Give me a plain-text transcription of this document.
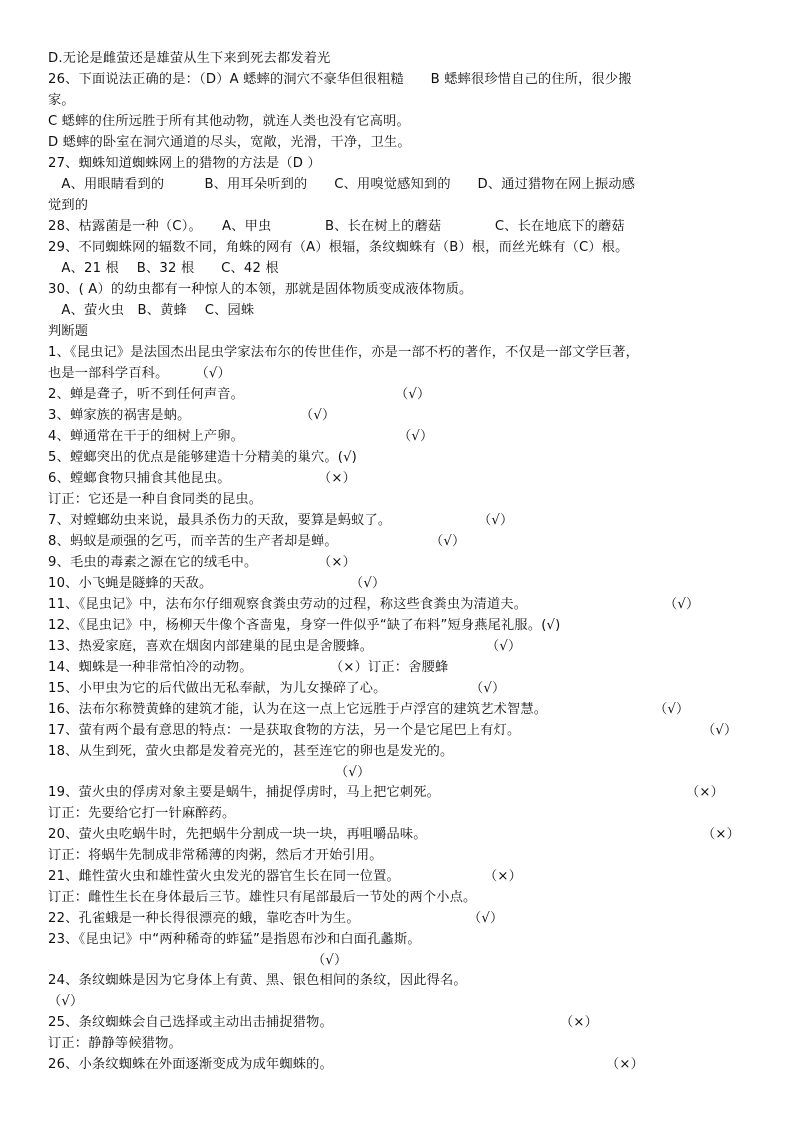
D.无论是雌萤还是雄萤从生下来到死去都发着光
26、下面说法正确的是：（D）A 蟋蟀的洞穴不豪华但很粗糙　　B 蟋蟀很珍惜自己的住所，很少搬
家。
C 蟋蟀的住所远胜于所有其他动物，就连人类也没有它高明。
D 蟋蟀的卧室在洞穴通道的尽头，宽敞，光滑，干净，卫生。
27、蜘蛛知道蜘蛛网上的猎物的方法是（D ）
　A、用眼睛看到的　　　B、用耳朵听到的　　C、用嗅觉感知到的　　D、通过猎物在网上振动感
觉到的
28、枯露菌是一种（C）。　　A、甲虫　　　　B、长在树上的蘑菇　　　　C、长在地底下的蘑菇
29、不同蜘蛛网的辐数不同，角蛛的网有（A）根辐，条纹蜘蛛有（B）根，而丝光蛛有（C）根。
　A、21 根　 B、32 根　　C、42 根
30、( A）的幼虫都有一种惊人的本领，那就是固体物质变成液体物质。
　A、萤火虫　B、黄蜂　 C、园蛛
判断题
1、《昆虫记》是法国杰出昆虫学家法布尔的传世佳作，亦是一部不朽的著作，不仅是一部文学巨著，
也是一部科学百科。　　　（√）
2、蝉是聋子，听不到任何声音。
3、蝉家族的祸害是蚋。
4、蝉通常在干于的细树上产卵。
5、螳螂突出的优点是能够建造十分精美的巢穴。(√)
6、螳螂食物只捕食其他昆虫。
订正：它还是一种自食同类的昆虫。
7、对螳螂幼虫来说，最具杀伤力的天敌，要算是蚂蚁了。
8、蚂蚁是顽强的乞丐，而辛苦的生产者却是蝉。
9、毛虫的毒素之源在它的绒毛中。
10、小飞蝇是隧蜂的天敌。
11、《昆虫记》中，法布尔仔细观察食粪虫劳动的过程，称这些食粪虫为清道夫。
12、《昆虫记》中，杨柳天牛像个吝啬鬼，身穿一件似乎“缺了布料”短身燕尾礼服。(√)
13、热爱家庭，喜欢在烟囱内部建巢的昆虫是舍腰蜂。
14、蜘蛛是一种非常怕冷的动物。
15、小甲虫为它的后代做出无私奉献，为儿女操碎了心。
16、法布尔称赞黄蜂的建筑才能，认为在这一点上它远胜于卢浮宫的建筑艺术智慧。
17、萤有两个最有意思的特点：一是获取食物的方法，另一个是它尾巴上有灯。
18、从生到死，萤火虫都是发着亮光的，甚至连它的卵也是发光的。
19、萤火虫的俘虏对象主要是蜗牛，捕捉俘虏时，马上把它刺死。
订正：先要给它打一针麻醉药。
20、萤火虫吃蜗牛时，先把蜗牛分割成一块一块，再咀嚼品味。
订正：将蜗牛先制成非常稀薄的肉粥，然后才开始引用。
21、雌性萤火虫和雄性萤火虫发光的器官生长在同一位置。
订正：雌性生长在身体最后三节。雄性只有尾部最后一节处的两个小点。
22、孔雀蛾是一种长得很漂亮的蛾，靠吃杏叶为生。
23、《昆虫记》中“两种稀奇的蚱猛”是指恩布沙和白面孔蠡斯。
24、条纹蜘蛛是因为它身体上有黄、黑、银色相间的条纹，因此得名。
（√）
25、条纹蜘蛛会自己选择或主动出击捕捉猎物。
订正：静静等候猎物。
26、小条纹蜘蛛在外面逐渐变成为成年蜘蛛的。
（√）
（√）
（√）
（×）
（√）
（√）
（×）
（√）
（√）
（√）
（×）订正：舍腰蜂
（√）
（√）
（√）
（√）
（×）
（×）
（×）
（√）
（√）
（×）
（×）
